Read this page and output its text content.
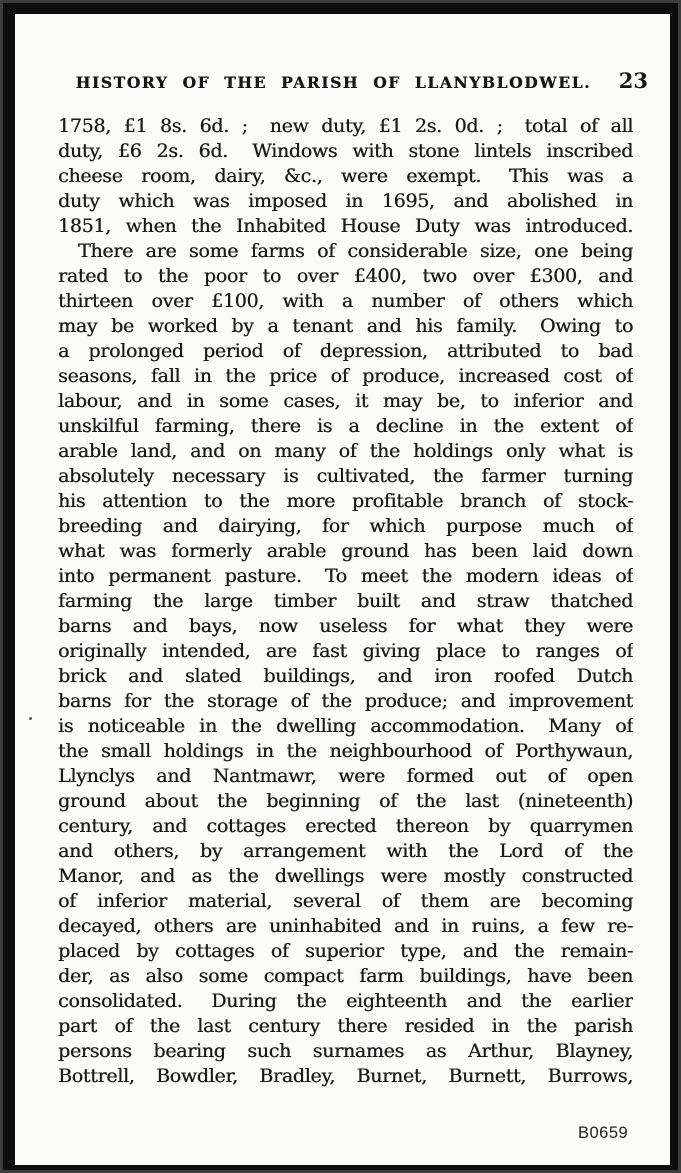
HISTORY OF THE PARISH OF LLANYBLODWEL.	23
1758, £1 8s. 6d. ;  new duty, £1 2s. 0d. ;  total of all
duty, £6 2s. 6d.  Windows with stone lintels inscribed
cheese room, dairy, &c., were exempt.  This was a
duty which was imposed in 1695, and abolished in
1851, when the Inhabited House Duty was introduced.
There are some farms of considerable size, one being
rated to the poor to over £400, two over £300, and
thirteen over £100, with a number of others which
may be worked by a tenant and his family.  Owing to
a prolonged period of depression, attributed to bad
seasons, fall in the price of produce, increased cost of
labour, and in some cases, it may be, to inferior and
unskilful farming, there is a decline in the extent of
arable land, and on many of the holdings only what is
absolutely necessary is cultivated, the farmer turning
his attention to the more profitable branch of stock-
breeding and dairying, for which purpose much of
what was formerly arable ground has been laid down
into permanent pasture.  To meet the modern ideas of
farming the large timber built and straw thatched
barns and bays, now useless for what they were
originally intended, are fast giving place to ranges of
brick and slated buildings, and iron roofed Dutch
barns for the storage of the produce; and improvement
is noticeable in the dwelling accommodation.  Many of
the small holdings in the neighbourhood of Porthywaun,
Llynclys and Nantmawr, were formed out of open
ground about the beginning of the last (nineteenth)
century, and cottages erected thereon by quarrymen
and others, by arrangement with the Lord of the
Manor, and as the dwellings were mostly constructed
of inferior material, several of them are becoming
decayed, others are uninhabited and in ruins, a few re-
placed by cottages of superior type, and the remain-
der, as also some compact farm buildings, have been
consolidated.  During the eighteenth and the earlier
part of the last century there resided in the parish
persons bearing such surnames as Arthur, Blayney,
Bottrell, Bowdler, Bradley, Burnet, Burnett, Burrows,
B0659
